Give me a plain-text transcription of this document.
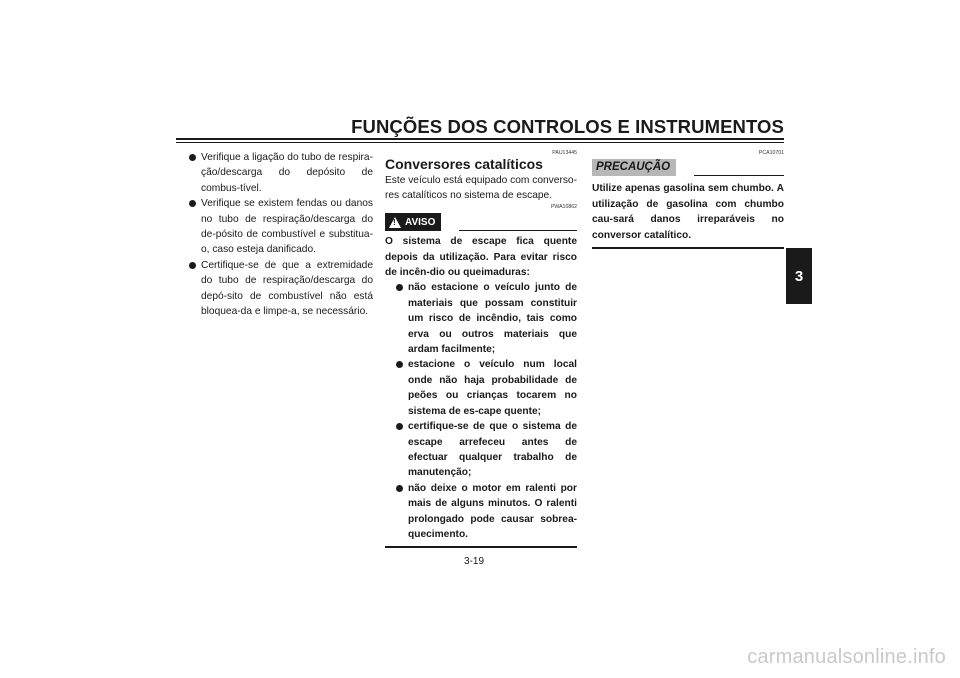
FUNÇÕES DOS CONTROLOS E INSTRUMENTOS
3
Verifique a ligação do tubo de respira-ção/descarga do depósito de combus-tível.
Verifique se existem fendas ou danos no tubo de respiração/descarga do de-pósito de combustível e substitua-o, caso esteja danificado.
Certifique-se de que a extremidade do tubo de respiração/descarga do depó-sito de combustível não está bloquea-da e limpe-a, se necessário.
PAU13445
Conversores catalíticos

Este veículo está equipado com converso-res catalíticos no sistema de escape.

PWA10862
!
AVISO

O sistema de escape fica quente depois da utilização. Para evitar risco de incên-dio ou queimaduras:

não estacione o veículo junto de materiais que possam constituir um risco de incêndio, tais como erva ou outros materiais que ardam facilmente;
estacione o veículo num local onde não haja probabilidade de peões ou crianças tocarem no sistema de es-cape quente;
certifique-se de que o sistema de escape arrefeceu antes de efectuar qualquer trabalho de manutenção;
não deixe o motor em ralenti por mais de alguns minutos. O ralenti prolongado pode causar sobrea-quecimento.
PCA10701
PRECAUÇÃO

Utilize apenas gasolina sem chumbo. A utilização de gasolina com chumbo cau-sará danos irreparáveis no conversor catalítico.

3-19
carmanualsonline.info
